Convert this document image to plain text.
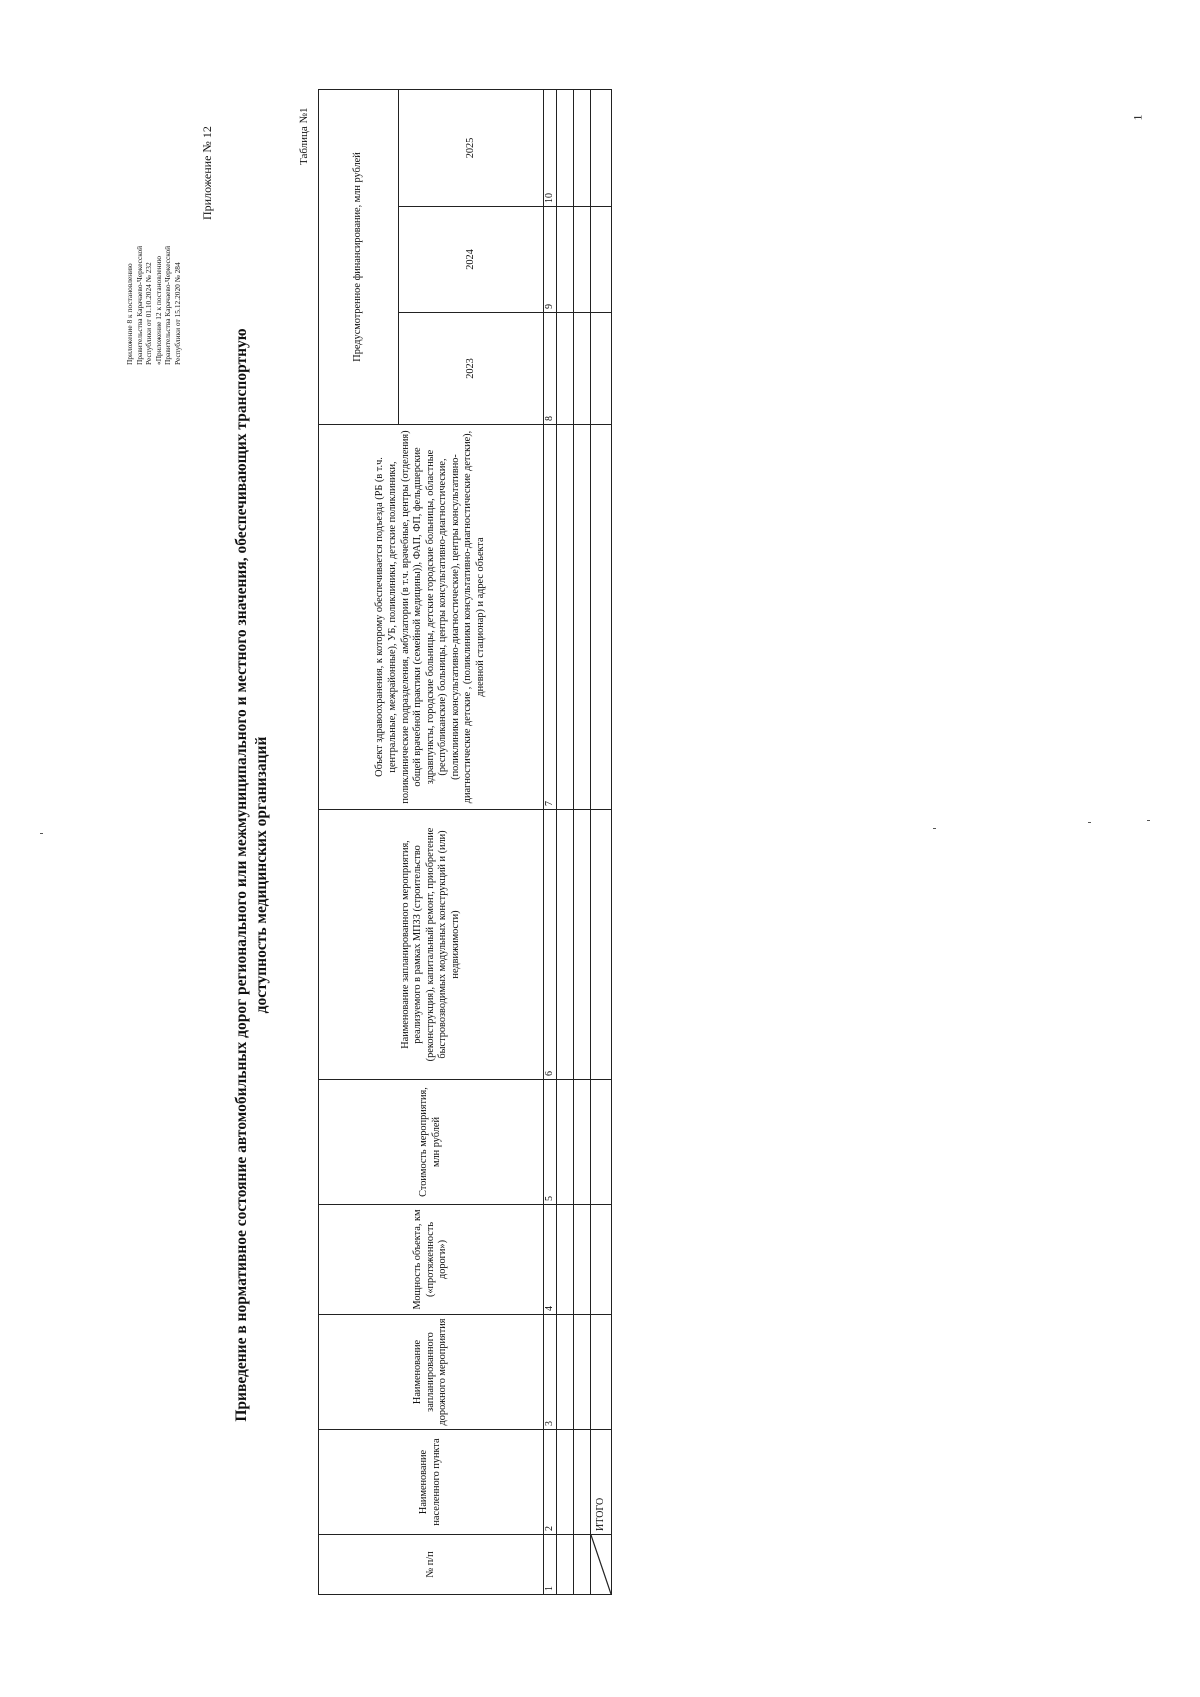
1
Приложение 8 к постановлению Правительства Карачаево-Черкесской Республики от 01.10.2024 № 232 «Приложение 12 к постановлению Правительства Карачаево-Черкесской Республики от 15.12.2020 № 284
Приложение № 12
Приведение в нормативное состояние автомобильных дорог регионального или межмуниципального и местного значения, обеспечивающих транспортную доступность медицинских организаций
Таблица №1
№ п/п	Наименование населенного пункта	Наименование запланированного дорожного мероприятия	Мощность объекта, км («протяженность дороги»)	Стоимость мероприятия, млн рублей	Наименование запланированного мероприятия, реализуемого в рамках МПЗЗ (строительство (реконструкция), капитальный ремонт, приобретение быстровозводимых модульных конструкций и (или) недвижимости)	Объект здравоохранения, к которому обеспечивается подъезда (РБ (в т.ч. центральные, межрайонные), УБ, поликлиники, детские поликлиники, поликлинические подразделения, амбулатории (в т.ч. врачебные, центры (отделения) общей врачебной практики (семейной медицины)), ФАП, ФП, фельдшерские здравпункты, городские больницы, детские городские больницы, областные (республиканские) больницы, центры консультативно-диагностические, (поликлиники консультативно-диагностические), центры консультативно-диагностические детские , (поликлиники консультативно-диагностические детские), дневной стационар) и адрес объекта	Предусмотренное финансирование, млн рублей		
							2023	2024	2025
1	2	3	4	5	6	7	8	9	10

	ИТОГО								
